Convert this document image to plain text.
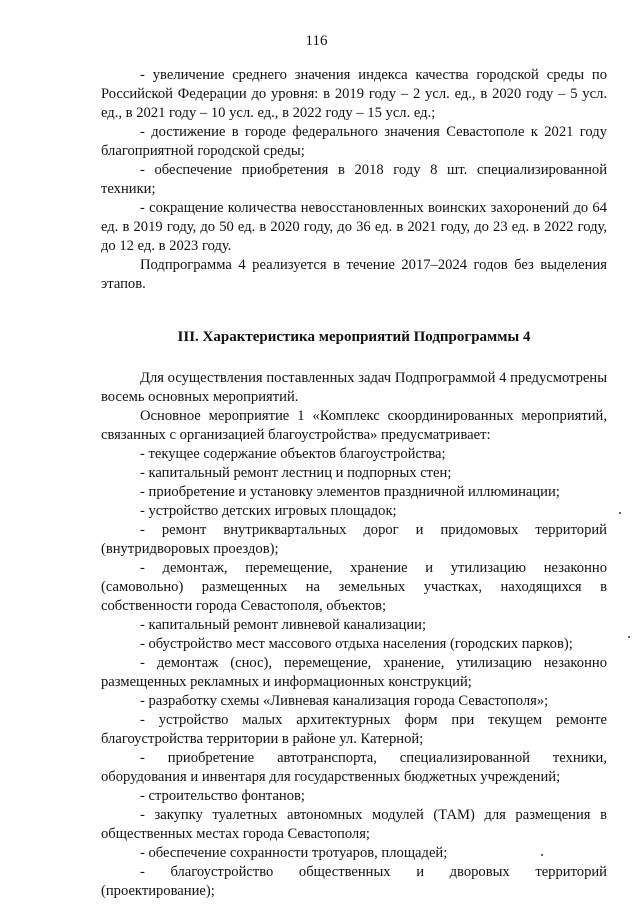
116

- увеличение среднего значения индекса качества городской среды по Российской Федерации до уровня: в 2019 году – 2 усл. ед., в 2020 году – 5 усл. ед., в 2021 году – 10 усл. ед., в 2022 году – 15 усл. ед.;

- достижение в городе федерального значения Севастополе к 2021 году благоприятной городской среды;

- обеспечение приобретения в 2018 году 8 шт. специализированной техники;

- сокращение количества невосстановленных воинских захоронений до 64 ед. в 2019 году, до 50 ед. в 2020 году, до 36 ед. в 2021 году, до 23 ед. в 2022 году, до 12 ед. в 2023 году.

Подпрограмма 4 реализуется в течение 2017–2024 годов без выделения этапов.

III. Характеристика мероприятий Подпрограммы 4

Для осуществления поставленных задач Подпрограммой 4 предусмотрены восемь основных мероприятий.

Основное мероприятие 1 «Комплекс скоординированных мероприятий, связанных с организацией благоустройства» предусматривает:

- текущее содержание объектов благоустройства;

- капитальный ремонт лестниц и подпорных стен;

- приобретение и установку элементов праздничной иллюминации;

- устройство детских игровых площадок;

- ремонт внутриквартальных дорог и придомовых территорий (внутридворовых проездов);

- демонтаж, перемещение, хранение и утилизацию незаконно (самовольно) размещенных на земельных участках, находящихся в собственности города Севастополя, объектов;

- капитальный ремонт ливневой канализации;

- обустройство мест массового отдыха населения (городских парков);

- демонтаж (снос), перемещение, хранение, утилизацию незаконно размещенных рекламных и информационных конструкций;

- разработку схемы «Ливневая канализация города Севастополя»;

- устройство малых архитектурных форм при текущем ремонте благоустройства территории в районе ул. Катерной;

- приобретение автотранспорта, специализированной техники, оборудования и инвентаря для государственных бюджетных учреждений;

- строительство фонтанов;

- закупку туалетных автономных модулей (ТАМ) для размещения в общественных местах города Севастополя;

- обеспечение сохранности тротуаров, площадей;

- благоустройство общественных и дворовых территорий (проектирование);
